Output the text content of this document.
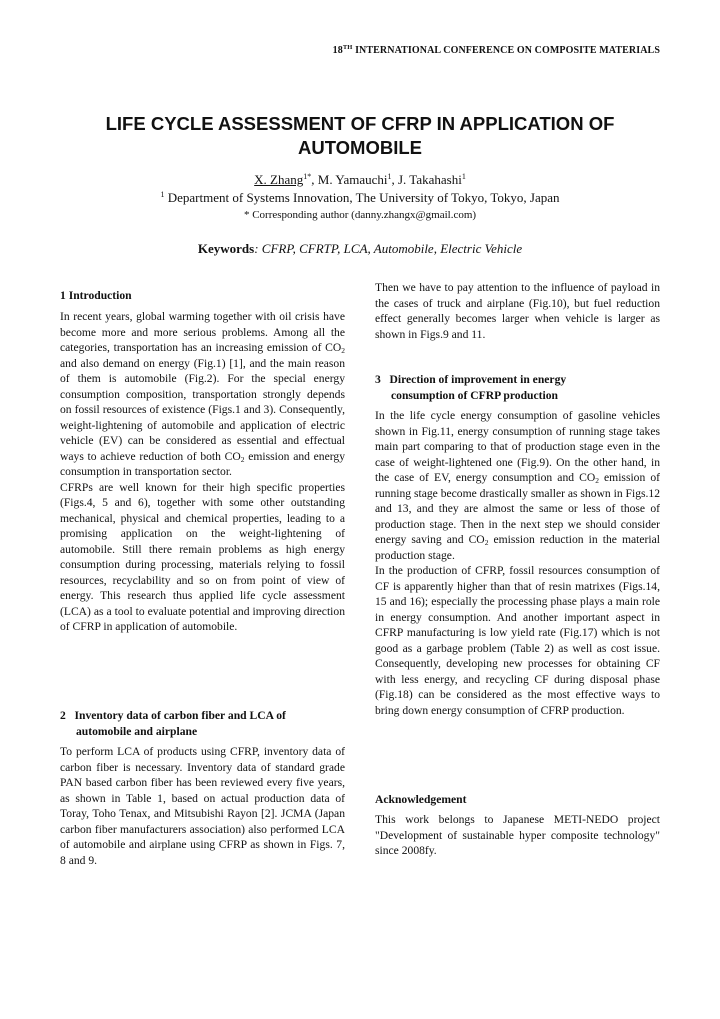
18TH INTERNATIONAL CONFERENCE ON COMPOSITE MATERIALS
LIFE CYCLE ASSESSMENT OF CFRP IN APPLICATION OF
AUTOMOBILE
X. Zhang$^{1*}$, M. Yamauchi$^1$, J. Takahashi$^1$
$^1$ Department of Systems Innovation, The University of Tokyo, Tokyo, Japan
* Corresponding author (danny.zhangx@gmail.com)
Keywords: CFRP, CFRTP, LCA, Automobile, Electric Vehicle
1 Introduction

In recent years, global warming together with oil crisis have become more and more serious problems. Among all the categories, transportation has an increasing emission of $CO_2$ and also demand on energy (Fig.1) [1], and the main reason of them is automobile (Fig.2). For the special energy consumption composition, transportation strongly depends on fossil resources of existence (Figs.1 and 3). Consequently, weight-lightening of automobile and application of electric vehicle (EV) can be considered as essential and effectual ways to achieve reduction of both $CO_2$ emission and energy consumption in transportation sector.

CFRPs are well known for their high specific properties (Figs.4, 5 and 6), together with some other outstanding mechanical, physical and chemical properties, leading to a promising application on the weight-lightening of automobile. Still there remain problems as high energy consumption during processing, materials relying to fossil resources, recyclability and so on from point of view of energy. This research thus applied life cycle assessment (LCA) as a tool to evaluate potential and improving direction of CFRP in application of automobile.

2 Inventory data of carbon fiber and LCA of
automobile and airplane

To perform LCA of products using CFRP, inventory data of carbon fiber is necessary. Inventory data of standard grade PAN based carbon fiber has been reviewed every five years, as shown in Table 1, based on actual production data of Toray, Toho Tenax, and Mitsubishi Rayon [2]. JCMA (Japan carbon fiber manufacturers association) also performed LCA of automobile and airplane using CFRP as shown in Figs. 7, 8 and 9.

Then we have to pay attention to the influence of payload in the cases of truck and airplane (Fig.10), but fuel reduction effect generally becomes larger when vehicle is larger as shown in Figs.9 and 11.

3 Direction of improvement in energy
consumption of CFRP production

In the life cycle energy consumption of gasoline vehicles shown in Fig.11, energy consumption of running stage takes main part comparing to that of production stage even in the case of weight-lightened one (Fig.9). On the other hand, in the case of EV, energy consumption and $CO_2$ emission of running stage become drastically smaller as shown in Figs.12 and 13, and they are almost the same or less of those of production stage. Then in the next step we should consider energy saving and $CO_2$ emission reduction in the material production stage.

In the production of CFRP, fossil resources consumption of CF is apparently higher than that of resin matrixes (Figs.14, 15 and 16); especially the processing phase plays a main role in energy consumption. And another important aspect in CFRP manufacturing is low yield rate (Fig.17) which is not good as a garbage problem (Table 2) as well as cost issue. Consequently, developing new processes for obtaining CF with less energy, and recycling CF during disposal phase (Fig.18) can be considered as the most effective ways to bring down energy consumption of CFRP production.

Acknowledgement

This work belongs to Japanese METI-NEDO project "Development of sustainable hyper composite technology" since 2008fy.
